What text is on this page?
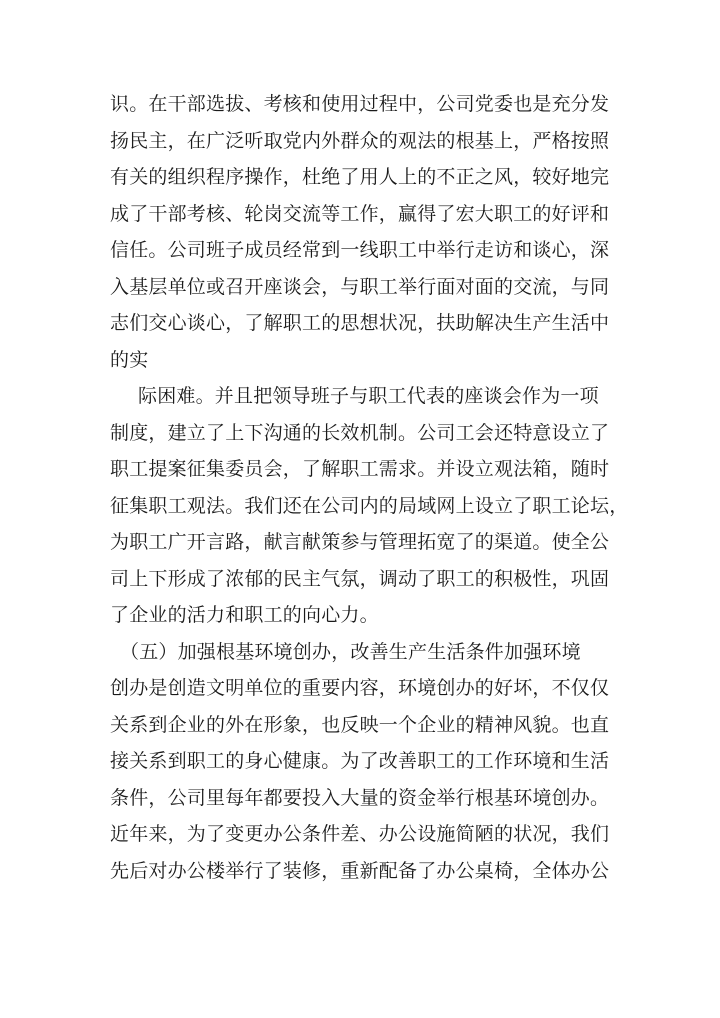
识。在干部选拔、考核和使用过程中，公司党委也是充分发
扬民主，在广泛听取党内外群众的观法的根基上，严格按照
有关的组织程序操作，杜绝了用人上的不正之风，较好地完
成了干部考核、轮岗交流等工作，赢得了宏大职工的好评和
信任。公司班子成员经常到一线职工中举行走访和谈心，深
入基层单位或召开座谈会，与职工举行面对面的交流，与同
志们交心谈心，了解职工的思想状况，扶助解决生产生活中
的实
际困难。并且把领导班子与职工代表的座谈会作为一项
制度，建立了上下沟通的长效机制。公司工会还特意设立了
职工提案征集委员会，了解职工需求。并设立观法箱，随时
征集职工观法。我们还在公司内的局域网上设立了职工论坛，
为职工广开言路，献言献策参与管理拓宽了的渠道。使全公
司上下形成了浓郁的民主气氛，调动了职工的积极性，巩固
了企业的活力和职工的向心力。
（五）加强根基环境创办，改善生产生活条件加强环境
创办是创造文明单位的重要内容，环境创办的好坏，不仅仅
关系到企业的外在形象，也反映一个企业的精神风貌。也直
接关系到职工的身心健康。为了改善职工的工作环境和生活
条件，公司里每年都要投入大量的资金举行根基环境创办。
近年来，为了变更办公条件差、办公设施简陋的状况，我们
先后对办公楼举行了装修，重新配备了办公桌椅，全体办公
